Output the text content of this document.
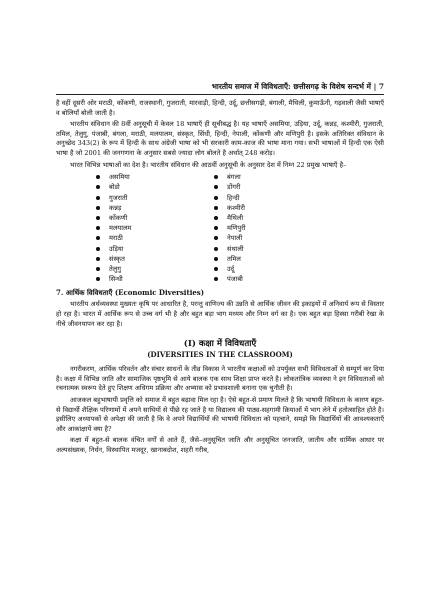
भारतीय समाज में विविधताएँ: छत्तीसगढ़ के विशेष सन्दर्भ में | 7

है वहीं दूसरी ओर मराठी, कोंकणी, राजस्थानी, गुजराती, मारवाड़ी, हिन्दी, उर्दू, छत्तीसगढ़ी, बंगाली, मैथिली, कुमाऊँनी, गढ़वाली जैसी भाषाएँ व बोलियाँ बोली जाती है।

भारतीय संविधान की 8वीं अनुसूची में केवल 18 भाषाएँ ही सूचीबद्ध है। यह भाषाएँ असमिया, उड़िया, उर्दू, कन्नड़, कश्मीरी, गुजराती, तमिल, तेलुगु, पंजाबी, बंगला, मराठी, मलयालम, संस्कृत, सिंधी, हिन्दी, नेपाली, कोंकणी और मणिपुरी है। इसके अतिरिक्त संविधान के अनुच्छेद 343(2) के रूप में हिन्दी के साथ अंग्रेजी भाषा को भी सरकारी काम-काज की भाषा माना गया। सभी भाषाओं में हिन्दी एक ऐसी भाषा है जो 2001 की जनगणना के अनुसार सबसे ज्यादा लोग बोलते है अर्थात् 248 करोड़।

भारत विभिन्न भाषाओं का देश है। भारतीय संविधान की आठवीं अनुसूची के अनुसार देश में निम्न 22 प्रमुख भाषाएँ है–

असमिया
बोडो
गुजराती
कन्नड़
कोंकणी
मलयालम
मराठी
उड़िया
संस्कृत
तेलुगु
सिन्धी
बंगला
डोंगरी
हिन्दी
कश्मीरी
मैथिली
मणिपुरी
नेपाली
संथाली
तमिल
उर्दू
पंजाबी
7. आर्थिक विविधताएँ (Economic Diversities)

भारतीय अर्थव्यवस्था मुख्यतः कृषि पर आधारित है, परन्तु वाणिज्य की उन्नति से आर्थिक जीवन की इकाइयों में अनिवार्य रूप से विस्तार हो रहा है। भारत में आर्थिक रूप से उच्च वर्ग भी है और बहुत बड़ा भाग मध्यम और निम्न वर्ग का है। एक बहुत बड़ा हिस्सा गरीबी रेखा के नीचे जीवनयापन कर रहा है।

(I) कक्षा में विविधताएँ
(DIVERSITIES IN THE CLASSROOM)

नगरीकरण, आर्थिक परिवर्तन और संचार साधनों के तीव्र विकास ने भारतीय कक्षाओं को उपर्युक्त सभी विविधताओं से सम्पूर्ण कर दिया है। कक्षा में विभिन्न जाति और सामाजिक पृष्ठभूमि से आये बालक एक साथ शिक्षा प्राप्त करते है। लोकतांत्रिक व्यवस्था ने इन विविधताओं को रचनात्मक स्वरूप देते हुए शिक्षण अधिगम प्रक्रिया और अभ्यास को प्रभावशाली बनाना एक चुनौती है।

आजकल बहुभाषायी प्रवृत्ति को समाज में बहुत बढ़ावा मिल रहा है। ऐसे बहुत-से प्रमाण मिलते है कि भाषायी विविधता के कारण बहुत-से विद्यार्थी शैक्षिक परिणामों में अपने साथियों से पीछे रह जाते है या विद्यालय की पाठ्य-सहगामी क्रियाओं में भाग लेने में हतोत्साहित होते है। इसीलिए अध्यापकों से अपेक्षा की जाती है कि वे अपने विद्यार्थियों की भाषायी विविधता को पहचाने, समझे कि विद्यार्थियों की आवश्यकताएँ और आकांक्षायें क्या है?

कक्षा में बहुत-से बालक वंचित वर्गों से आते हैं, जैसे–अनुसूचित जाति और अनुसूचित जनजाति, जातीय और धार्मिक आधार पर अल्पसंख्यक, निर्धन, विस्थापित मजदूर, खानाबदोश, शहरी गरीब,
